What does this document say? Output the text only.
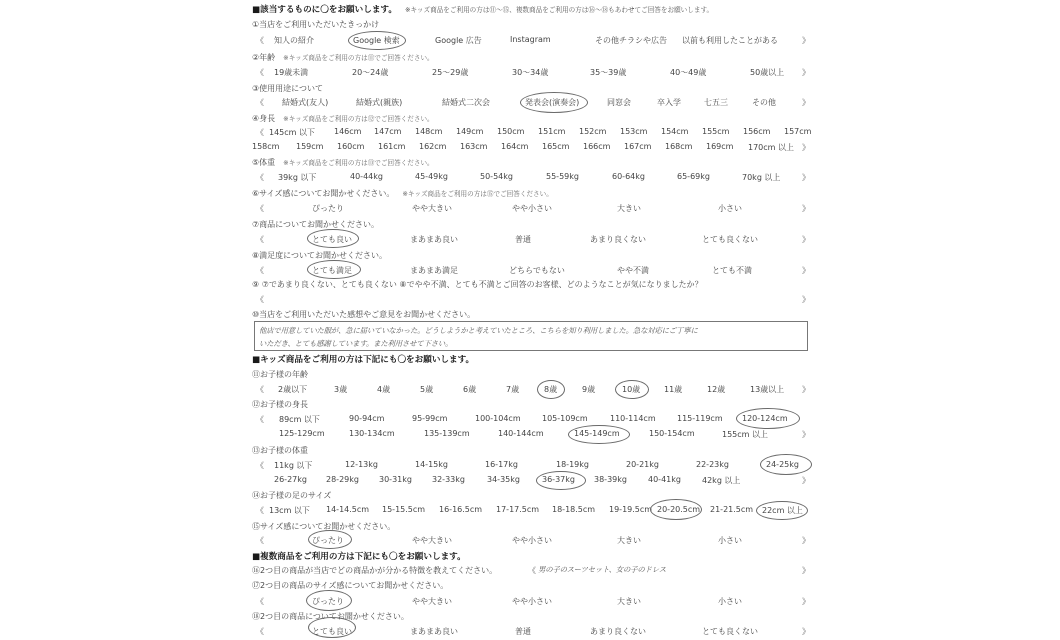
■該当するものに〇をお願いします。 ※キッズ商品をご利用の方は⑪〜⑮、複数商品をご利用の方は⑯〜⑱もあわせてご回答をお願いします。
①当店をご利用いただいたきっかけ
《 知人の紹介	Google 検索	Google 広告	Instagram	その他チラシや広告 以前も利用したことがある	》
②年齢 ※キッズ商品をご利用の方は⑪でご回答ください。
《 19歳未満	20〜24歳	25〜29歳	30〜34歳	35〜39歳	40〜49歳	50歳以上 》
③使用用途について
《 結婚式(友人)	結婚式(親族)	結婚式二次会	発表会(演奏会)	同窓会	卒入学	七五三	その他	》
④身長 ※キッズ商品をご利用の方は⑫でご回答ください。
《 145cm 以下 146cm 147cm 148cm 149cm 150cm 151cm 152cm 153cm 154cm 155cm 156cm 157cm
158cm 159cm 160cm 161cm 162cm 163cm 164cm 165cm 166cm 167cm 168cm 169cm 170cm 以上 》
⑤体重 ※キッズ商品をご利用の方は⑬でご回答ください。
《 39kg 以下	40-44kg	45-49kg	50-54kg	55-59kg	60-64kg	65-69kg	70kg 以上	》
⑥サイズ感についてお聞かせください。 ※キッズ商品をご利用の方は⑮でご回答ください。
《	ぴったり	やや大きい	やや小さい	大きい	小さい	》
⑦商品についてお聞かせください。
《	とても良い	まあまあ良い	普通	あまり良くない	とても良くない	》
⑧満足度についてお聞かせください。
《	とても満足	まあまあ満足	どちらでもない	やや不満	とても不満	》
⑨ ⑦であまり良くない、とても良くない ⑧でやや不満、とても不満とご回答のお客様、どのようなことが気になりましたか？
《	》
⑩当店をご利用いただいた感想やご意見をお聞かせください。
他店で用意していた服が、急に届いていなかった。どうしようかと考えていたところ、こちらを知り利用しました。急な対応にご丁寧に
いただき、とても感謝しています。また利用させて下さい。
■キッズ商品をご利用の方は下記にも〇をお願いします。
⑪お子様の年齢
《 2歳以下	3歳	4歳	5歳	6歳	7歳	8歳	9歳	10歳	11歳	12歳	13歳以上 》
⑫お子様の身長
《 89cm 以下	90-94cm	95-99cm	100-104cm	105-109cm	110-114cm	115-119cm 120-124cm
125-129cm	130-134cm	135-139cm	140-144cm	145-149cm	150-154cm	155cm 以上	》
⑬お子様の体重
《 11kg 以下	12-13kg	14-15kg	16-17kg	18-19kg	20-21kg	22-23kg	24-25kg
26-27kg 28-29kg	30-31kg	32-33kg	34-35kg	36-37kg 38-39kg	40-41kg	42kg 以上	》
⑭お子様の足のサイズ
《 13cm 以下 14-14.5cm 15-15.5cm 16-16.5cm 17-17.5cm 18-18.5cm 19-19.5cm 20-20.5cm 21-21.5cm 22cm 以上
⑮サイズ感についてお聞かせください。
《	ぴったり	やや大きい	やや小さい	大きい	小さい	》
■複数商品をご利用の方は下記にも〇をお願いします。
⑯2つ目の商品が当店でどの商品かが分かる特徴を教えてください。	《 男の子のスーツセット、女の子のドレス	》
⑰2つ目の商品のサイズ感についてお聞かせください。
《	ぴったり	やや大きい	やや小さい	大きい	小さい	》
⑱2つ目の商品についてお聞かせください。
《	とても良い	まあまあ良い	普通	あまり良くない	とても良くない	》
